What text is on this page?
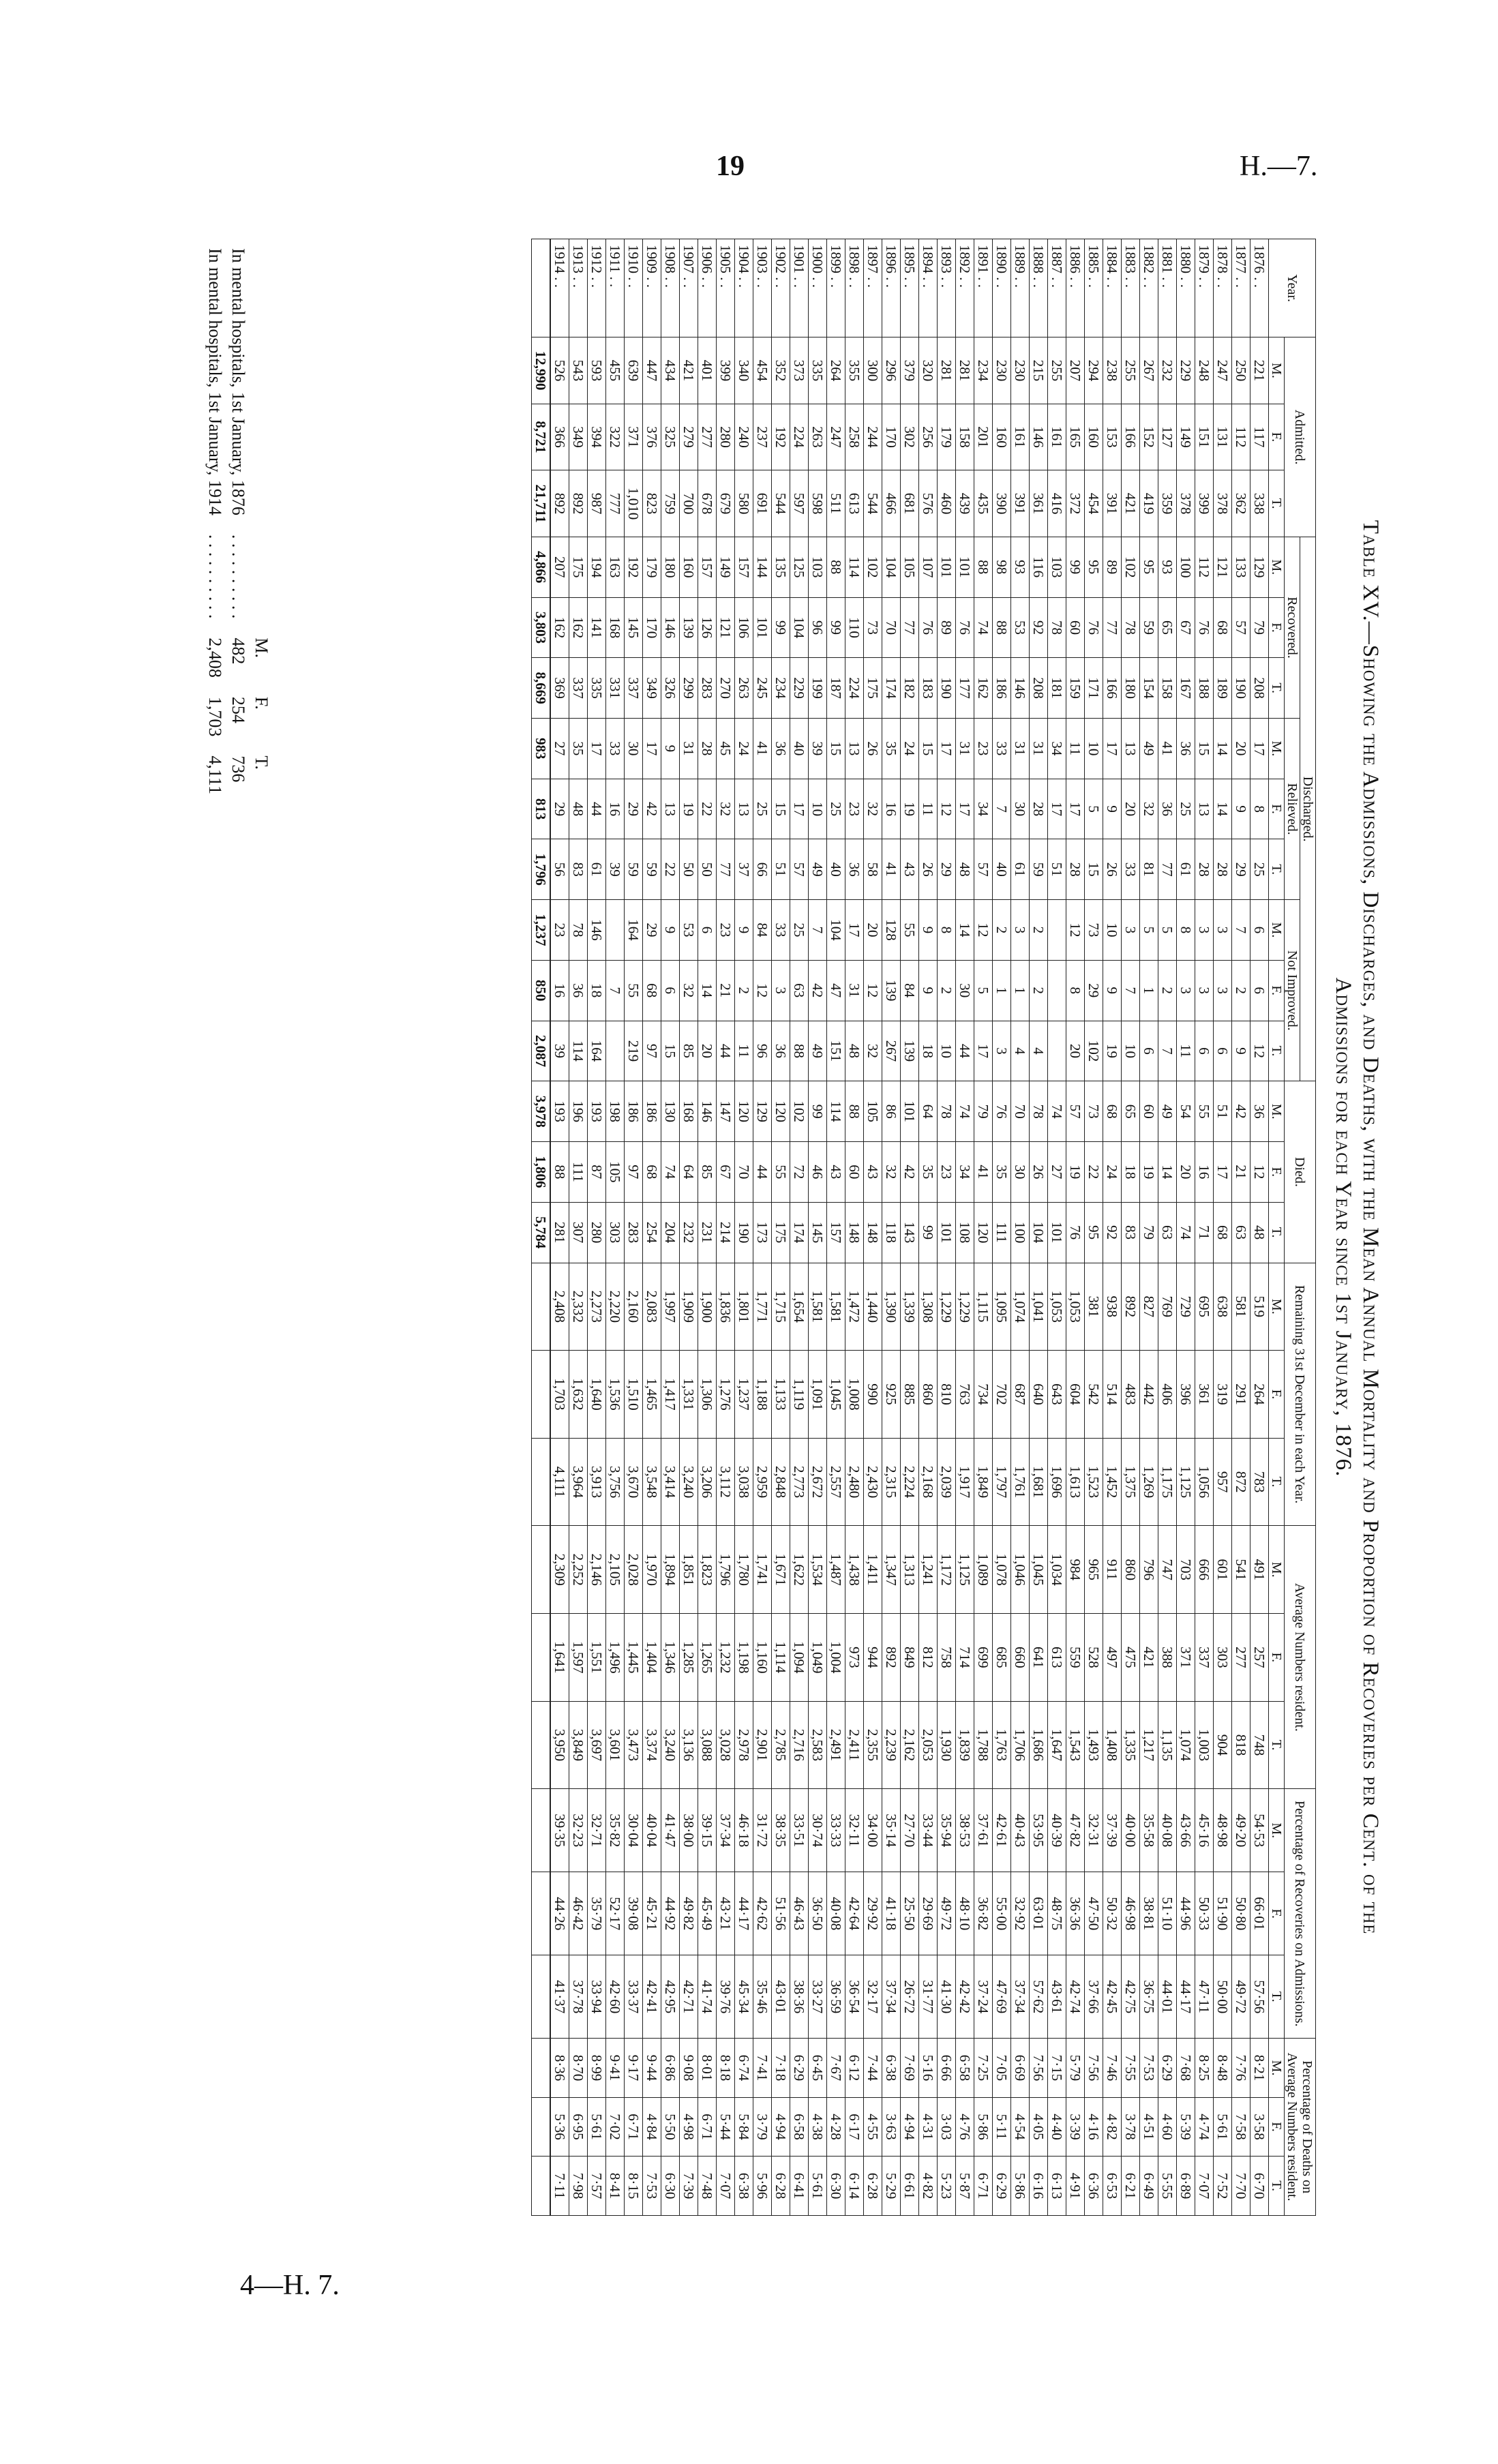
19	H.—7.
Table XV.—Showing the Admissions, Discharges, and Deaths, with the Mean Annual Mortality and Proportion of Recoveries per Cent. of the
Admissions for each Year since 1st January, 1876.
Year.	Admitted.			Discharged.									Died.			Remaining 31st December in each Year.			Average Numbers resident.			Percentage of Recoveries on Admissions.			Percentage of Deaths on Average Numbers resident.		
				Recovered.			Relieved.			Not Improved.																	
	M.	F.	T.	M.	F.	T.	M.	F.	T.	M.	F.	T.	M.	F.	T.	M.	F.	T.	M.	F.	T.	M.	F.	T.	M.	F.	T.
1876 . .	221	117	338	129	79	208	17	8	25	6	6	12	36	12	48	519	264	783	491	257	748	54·53	66·01	57·56	8·21	3·58	6·70
1877 . .	250	112	362	133	57	190	20	9	29	7	2	9	42	21	63	581	291	872	541	277	818	49·20	50·80	49·72	7·76	7·58	7·70
1878 . .	247	131	378	121	68	189	14	14	28	3	3	6	51	17	68	638	319	957	601	303	904	48·98	51·90	50·00	8·48	5·61	7·52
1879 . .	248	151	399	112	76	188	15	13	28	3	3	6	55	16	71	695	361	1,056	666	337	1,003	45·16	50·33	47·11	8·25	4·74	7·07
1880 . .	229	149	378	100	67	167	36	25	61	8	3	11	54	20	74	729	396	1,125	703	371	1,074	43·66	44·96	44·17	7·68	5·39	6·89
1881 . .	232	127	359	93	65	158	41	36	77	5	2	7	49	14	63	769	406	1,175	747	388	1,135	40·08	51·10	44·01	6·29	4·60	5·55
1882 . .	267	152	419	95	59	154	49	32	81	5	1	6	60	19	79	827	442	1,269	796	421	1,217	35·58	38·81	36·75	7·53	4·51	6·49
1883 . .	255	166	421	102	78	180	13	20	33	3	7	10	65	18	83	892	483	1,375	860	475	1,335	40·00	46·98	42·75	7·55	3·78	6·21
1884 . .	238	153	391	89	77	166	17	9	26	10	9	19	68	24	92	938	514	1,452	911	497	1,408	37·39	50·32	42·45	7·46	4·82	6·53
1885 . .	294	160	454	95	76	171	10	5	15	73	29	102	73	22	95	381	542	1,523	965	528	1,493	32·31	47·50	37·66	7·56	4·16	6·36
1886 . .	207	165	372	99	60	159	11	17	28	12	8	20	57	19	76	1,053	604	1,613	984	559	1,543	47·82	36·36	42·74	5·79	3·39	4·91
1887 . .	255	161	416	103	78	181	34	17	51				74	27	101	1,053	643	1,696	1,034	613	1,647	40·39	48·75	43·61	7·15	4·40	6·13
1888 . .	215	146	361	116	92	208	31	28	59	2	2	4	78	26	104	1,041	640	1,681	1,045	641	1,686	53·95	63·01	57·62	7·56	4·05	6·16
1889 . .	230	161	391	93	53	146	31	30	61	3	1	4	70	30	100	1,074	687	1,761	1,046	660	1,706	40·43	32·92	37·34	6·69	4·54	5·86
1890 . .	230	160	390	98	88	186	33	7	40	2	1	3	76	35	111	1,095	702	1,797	1,078	685	1,763	42·61	55·00	47·69	7·05	5·11	6·29
1891 . .	234	201	435	88	74	162	23	34	57	12	5	17	79	41	120	1,115	734	1,849	1,089	699	1,788	37·61	36·82	37·24	7·25	5·86	6·71
1892 . .	281	158	439	101	76	177	31	17	48	14	30	44	74	34	108	1,229	763	1,917	1,125	714	1,839	38·53	48·10	42·42	6·58	4·76	5·87
1893 . .	281	179	460	101	89	190	17	12	29	8	2	10	78	23	101	1,229	810	2,039	1,172	758	1,930	35·94	49·72	41·30	6·66	3·03	5·23
1894 . .	320	256	576	107	76	183	15	11	26	9	9	18	64	35	99	1,308	860	2,168	1,241	812	2,053	33·44	29·69	31·77	5·16	4·31	4·82
1895 . .	379	302	681	105	77	182	24	19	43	55	84	139	101	42	143	1,339	885	2,224	1,313	849	2,162	27·70	25·50	26·72	7·69	4·94	6·61
1896 . .	296	170	466	104	70	174	35	16	41	128	139	267	86	32	118	1,390	925	2,315	1,347	892	2,239	35·14	41·18	37·34	6·38	3·63	5·29
1897 . .	300	244	544	102	73	175	26	32	58	20	12	32	105	43	148	1,440	990	2,430	1,411	944	2,355	34·00	29·92	32·17	7·44	4·55	6·28
1898 . .	355	258	613	114	110	224	13	23	36	17	31	48	88	60	148	1,472	1,008	2,480	1,438	973	2,411	32·11	42·64	36·54	6·12	6·17	6·14
1899 . .	264	247	511	88	99	187	15	25	40	104	47	151	114	43	157	1,581	1,045	2,557	1,487	1,004	2,491	33·33	40·08	36·59	7·67	4·28	6·30
1900 . .	335	263	598	103	96	199	39	10	49	7	42	49	99	46	145	1,581	1,091	2,672	1,534	1,049	2,583	30·74	36·50	33·27	6·45	4·38	5·61
1901 . .	373	224	597	125	104	229	40	17	57	25	63	88	102	72	174	1,654	1,119	2,773	1,622	1,094	2,716	33·51	46·43	38·36	6·29	6·58	6·41
1902 . .	352	192	544	135	99	234	36	15	51	33	3	36	120	55	175	1,715	1,133	2,848	1,671	1,114	2,785	38·35	51·56	43·01	7·18	4·94	6·28
1903 . .	454	237	691	144	101	245	41	25	66	84	12	96	129	44	173	1,771	1,188	2,959	1,741	1,160	2,901	31·72	42·62	35·46	7·41	3·79	5·96
1904 . .	340	240	580	157	106	263	24	13	37	9	2	11	120	70	190	1,801	1,237	3,038	1,780	1,198	2,978	46·18	44·17	45·34	6·74	5·84	6·38
1905 . .	399	280	679	149	121	270	45	32	77	23	21	44	147	67	214	1,836	1,276	3,112	1,796	1,232	3,028	37·34	43·21	39·76	8·18	5·44	7·07
1906 . .	401	277	678	157	126	283	28	22	50	6	14	20	146	85	231	1,900	1,306	3,206	1,823	1,265	3,088	39·15	45·49	41·74	8·01	6·71	7·48
1907 . .	421	279	700	160	139	299	31	19	50	53	32	85	168	64	232	1,909	1,331	3,240	1,851	1,285	3,136	38·00	49·82	42·71	9·08	4·98	7·39
1908 . .	434	325	759	180	146	326	9	13	22	9	6	15	130	74	204	1,997	1,417	3,414	1,894	1,346	3,240	41·47	44·92	42·95	6·86	5·50	6·30
1909 . .	447	376	823	179	170	349	17	42	59	29	68	97	186	68	254	2,083	1,465	3,548	1,970	1,404	3,374	40·04	45·21	42·41	9·44	4·84	7·53
1910 . .	639	371	1,010	192	145	337	30	29	59	164	55	219	186	97	283	2,160	1,510	3,670	2,028	1,445	3,473	30·04	39·08	33·37	9·17	6·71	8·15
1911 . .	455	322	777	163	168	331	33	16	39		7		198	105	303	2,220	1,536	3,756	2,105	1,496	3,601	35·82	52·17	42·60	9·41	7·02	8·41
1912 . .	593	394	987	194	141	335	17	44	61	146	18	164	193	87	280	2,273	1,640	3,913	2,146	1,551	3,697	32·71	35·79	33·94	8·99	5·61	7·57
1913 . .	543	349	892	175	162	337	35	48	83	78	36	114	196	111	307	2,332	1,632	3,964	2,252	1,597	3,849	32·23	46·42	37·78	8·70	6·95	7·98
1914 . .	526	366	892	207	162	369	27	29	56	23	16	39	193	88	281	2,408	1,703	4,111	2,309	1,641	3,950	39·35	44·26	41·37	8·36	5·36	7·11
	12,990	8,721	21,711	4,866	3,803	8,669	983	813	1,796	1,237	850	2,087	3,978	1,806	5,784												
		M.	F.	T.
In mental hospitals, 1st January, 1876	. . . . . . . . . .	482	254	736
In mental hospitals, 1st January, 1914	. . . . . . . . . .	2,408	1,703	4,111
4—H. 7.
